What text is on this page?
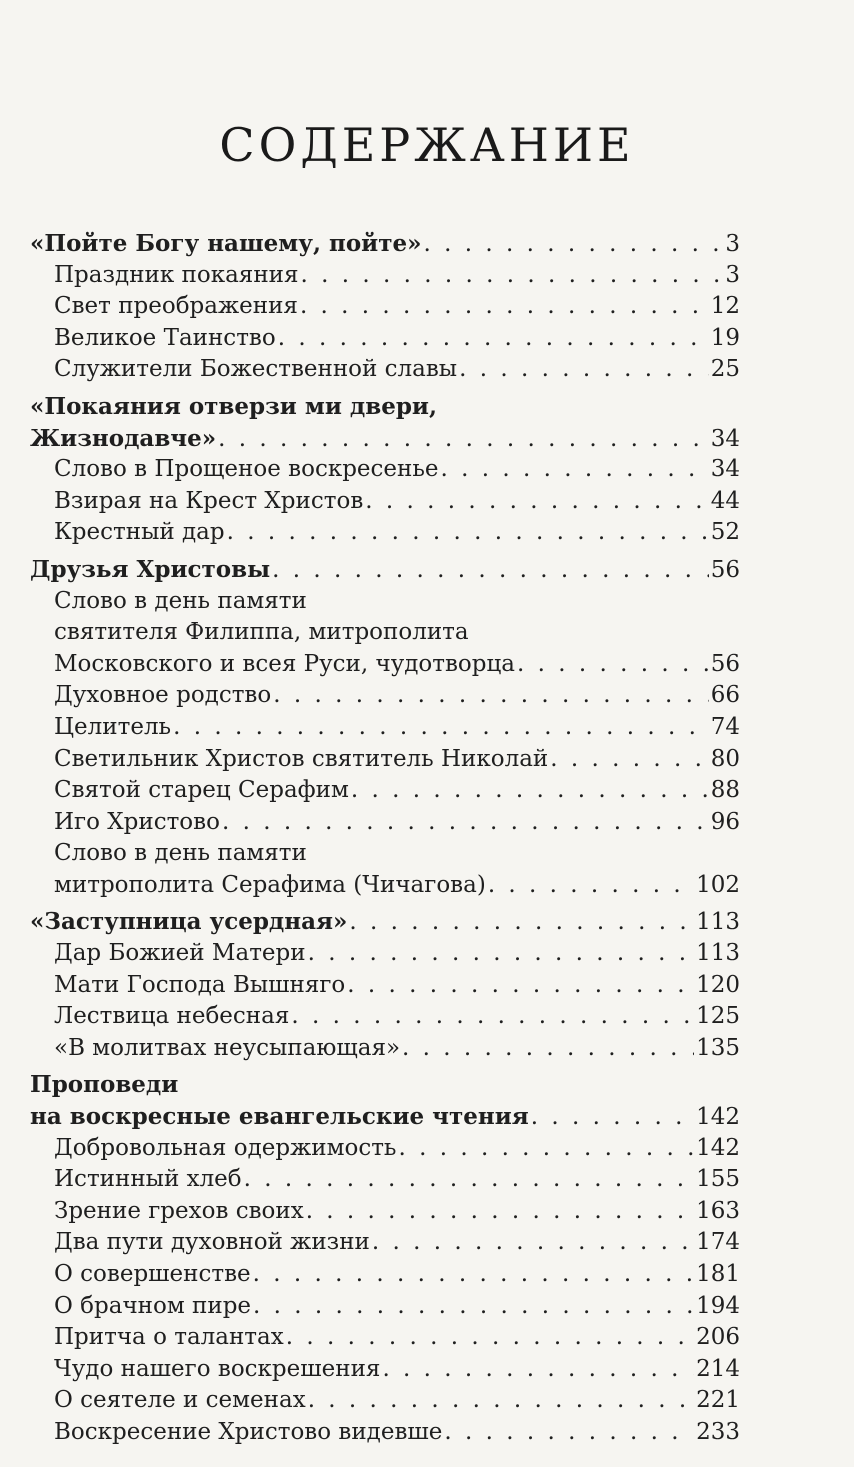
СОДЕРЖАНИЕ
«Пойте Богу нашему, пойте» . . .	3
Праздник покаяния . . .	3
Свет преображения . . .	12
Великое Таинство . . .	19
Служители Божественной славы . . .	25
«Покаяния отверзи ми двери,
Жизнодавче» . . .	34
Слово в Прощеное воскресенье . . .	34
Взирая на Крест Христов . . .	44
Крестный дар . . .	52
Друзья Христовы . . .	56
Слово в день памяти
святителя Филиппа, митрополита
Московского и всея Руси, чудотворца . . .	56
Духовное родство . . .	66
Целитель . . .	74
Светильник Христов святитель Николай . . .	80
Святой старец Серафим . . .	88
Иго Христово . . .	96
Слово в день памяти
митрополита Серафима (Чичагова) . . .	102
«Заступница усердная» . . .	113
Дар Божией Матери . . .	113
Мати Господа Вышняго . . .	120
Лествица небесная . . .	125
«В молитвах неусыпающая» . . .	135
Проповеди
на воскресные евангельские чтения . . .	142
Добровольная одержимость . . .	142
Истинный хлеб . . .	155
Зрение грехов своих . . .	163
Два пути духовной жизни . . .	174
О совершенстве . . .	181
О брачном пире . . .	194
Притча о талантах . . .	206
Чудо нашего воскрешения . . .	214
О сеятеле и семенах . . .	221
Воскресение Христово видевше . . .	233
